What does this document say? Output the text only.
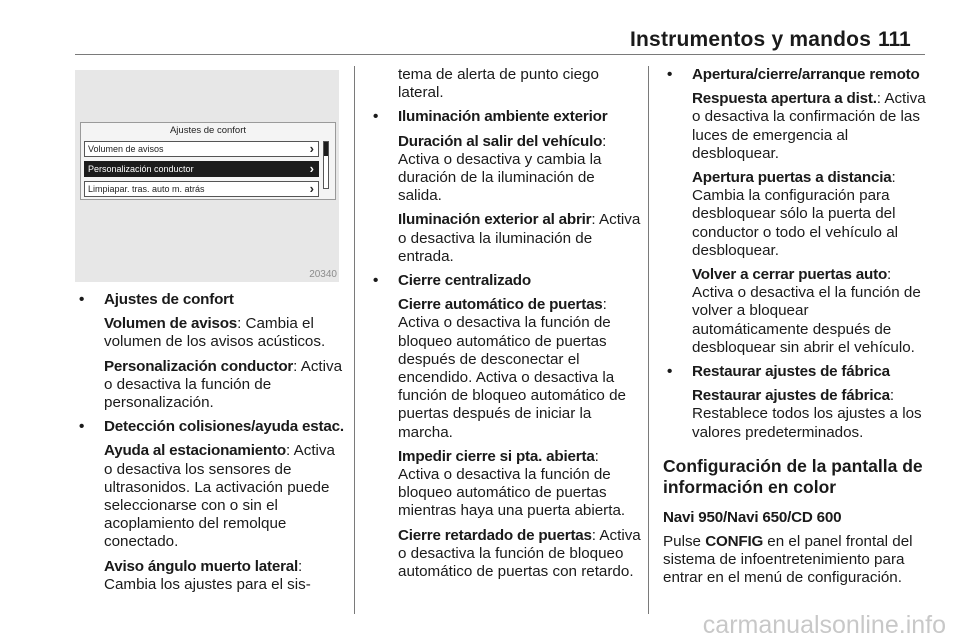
Instrumentos y mandos 111
Ajustes de confort
Volumen de avisos	›
Personalización conductor	›
Limpiapar. tras. auto m. atrás	›
20340

• Ajustes de confort

Volumen de avisos: Cambia el volumen de los avisos acústicos.

Personalización conductor: Activa o desactiva la función de personalización.

• Detección colisiones/ayuda estac.

Ayuda al estacionamiento: Activa o desactiva los sensores de ultrasonidos. La activación puede seleccionarse con o sin el acoplamiento del remolque conectado.

Aviso ángulo muerto lateral:
Cambia los ajustes para el sis-

tema de alerta de punto ciego lateral.

• Iluminación ambiente exterior

Duración al salir del vehículo: Activa o desactiva y cambia la duración de la iluminación de salida.

Iluminación exterior al abrir: Activa o desactiva la iluminación de entrada.

• Cierre centralizado

Cierre automático de puertas: Activa o desactiva la función de bloqueo automático de puertas después de desconectar el encendido. Activa o desactiva la función de bloqueo automático de puertas después de iniciar la marcha.

Impedir cierre si pta. abierta: Activa o desactiva la función de bloqueo automático de puertas mientras haya una puerta abierta.

Cierre retardado de puertas: Activa o desactiva la función de bloqueo automático de puertas con retardo.

• Apertura/cierre/arranque remoto

Respuesta apertura a dist.: Activa o desactiva la confirmación de las luces de emergencia al desbloquear.

Apertura puertas a distancia: Cambia la configuración para desbloquear sólo la puerta del conductor o todo el vehículo al desbloquear.

Volver a cerrar puertas auto: Activa o desactiva el la función de volver a bloquear automáticamente después de desbloquear sin abrir el vehículo.

• Restaurar ajustes de fábrica

Restaurar ajustes de fábrica: Restablece todos los ajustes a los valores predeterminados.

Configuración de la pantalla de información en color

Navi 950/Navi 650/CD 600

Pulse CONFIG en el panel frontal del sistema de infoentretenimiento para entrar en el menú de configuración.

carmanualsonline.info
